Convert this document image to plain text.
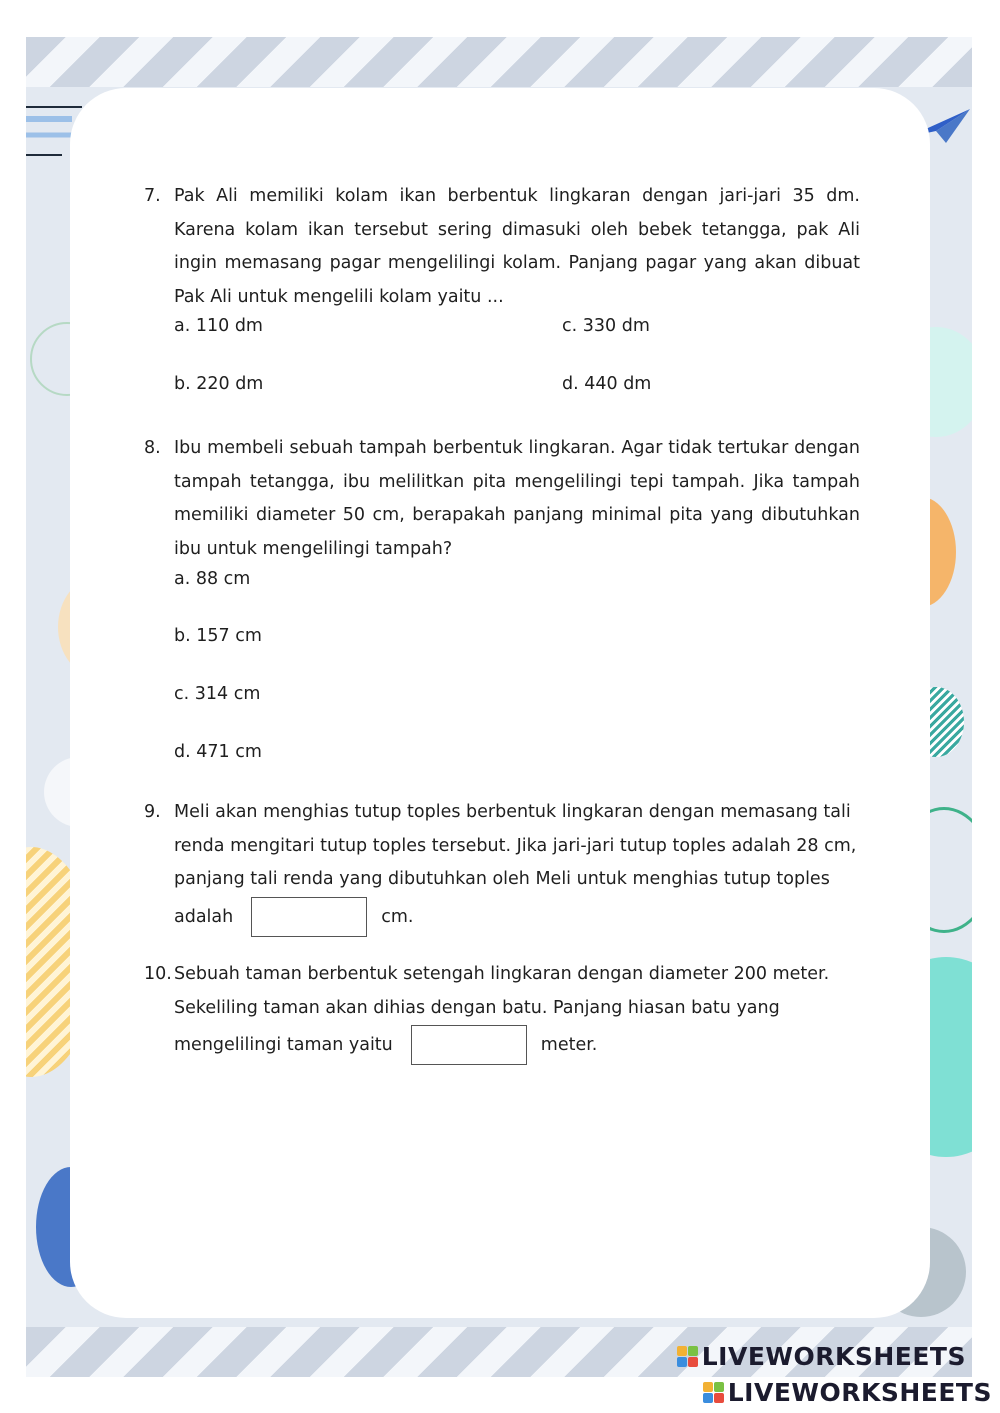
7. Pak Ali memiliki kolam ikan berbentuk lingkaran dengan jari-jari 35 dm. Karena kolam ikan tersebut sering dimasuki oleh bebek tetangga, pak Ali ingin memasang pagar mengelilingi kolam. Panjang pagar yang akan dibuat Pak Ali untuk mengelili kolam yaitu ...
a. 110 dm	c. 330 dm
b. 220 dm	d. 440 dm
8. Ibu membeli sebuah tampah berbentuk lingkaran. Agar tidak tertukar dengan tampah tetangga, ibu melilitkan pita mengelilingi tepi tampah. Jika tampah memiliki diameter 50 cm, berapakah panjang minimal pita yang dibutuhkan ibu untuk mengelilingi tampah?
a. 88 cm
b. 157 cm
c. 314 cm
d. 471 cm
9. Meli akan menghias tutup toples berbentuk lingkaran dengan memasang tali renda mengitari tutup toples tersebut. Jika jari-jari tutup toples adalah 28 cm, panjang tali renda yang dibutuhkan oleh Meli untuk menghias tutup toples adalah	cm.
10. Sebuah taman berbentuk setengah lingkaran dengan diameter 200 meter. Sekeliling taman akan dihias dengan batu. Panjang hiasan batu yang mengelilingi taman yaitu	meter.
LIVEWORKSHEETS
LIVEWORKSHEETS
